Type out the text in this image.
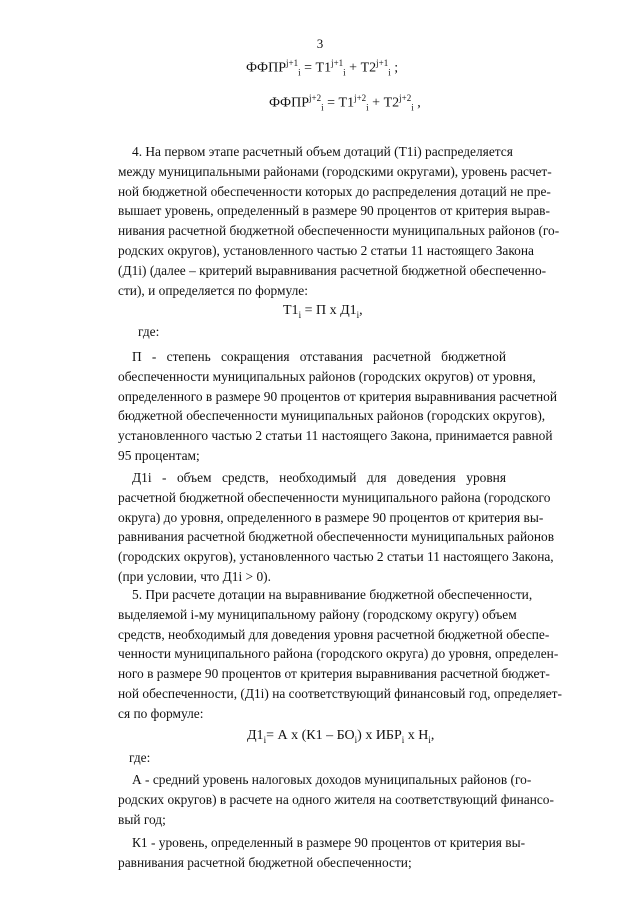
3
$ФФПР^{j+1}_i = Т1^{j+1}_i + Т2^{j+1}_i$ ;
$ФФПР^{j+2}_i = Т1^{j+2}_i + Т2^{j+2}_i$ ,
4. На первом этапе расчетный объем дотаций (Т1i) распределяется
между муниципальными районами (городскими округами), уровень расчет-
ной бюджетной обеспеченности которых до распределения дотаций не пре-
вышает уровень, определенный в размере 90 процентов от критерия вырав-
нивания расчетной бюджетной обеспеченности муниципальных районов (го-
родских округов), установленного частью 2 статьи 11 настоящего Закона
(Д1i) (далее – критерий выравнивания расчетной бюджетной обеспеченно-
сти), и определяется по формуле:
$Т1_i = П$ х $Д1_i$,
где:
П - степень сокращения отставания расчетной бюджетной
обеспеченности муниципальных районов (городских округов) от уровня,
определенного в размере 90 процентов от критерия выравнивания расчетной
бюджетной обеспеченности муниципальных районов (городских округов),
установленного частью 2 статьи 11 настоящего Закона, принимается равной
95 процентам;
Д1i - объем средств, необходимый для доведения уровня
расчетной бюджетной обеспеченности муниципального района (городского
округа) до уровня, определенного в размере 90 процентов от критерия вы-
равнивания расчетной бюджетной обеспеченности муниципальных районов
(городских округов), установленного частью 2 статьи 11 настоящего Закона,
(при условии, что Д1i > 0).
5. При расчете дотации на выравнивание бюджетной обеспеченности,
выделяемой i-му муниципальному району (городскому округу) объем
средств, необходимый для доведения уровня расчетной бюджетной обеспе-
ченности муниципального района (городского округа) до уровня, определен-
ного в размере 90 процентов от критерия выравнивания расчетной бюджет-
ной обеспеченности, (Д1i) на соответствующий финансовый год, определяет-
ся по формуле:
$Д1_i= А$ х $(К1 - БО_i)$ х $ИБР_i$ х $Н_i$,
где:
А - средний уровень налоговых доходов муниципальных районов (го-
родских округов) в расчете на одного жителя на соответствующий финансо-
вый год;
К1 - уровень, определенный в размере 90 процентов от критерия вы-
равнивания расчетной бюджетной обеспеченности;
